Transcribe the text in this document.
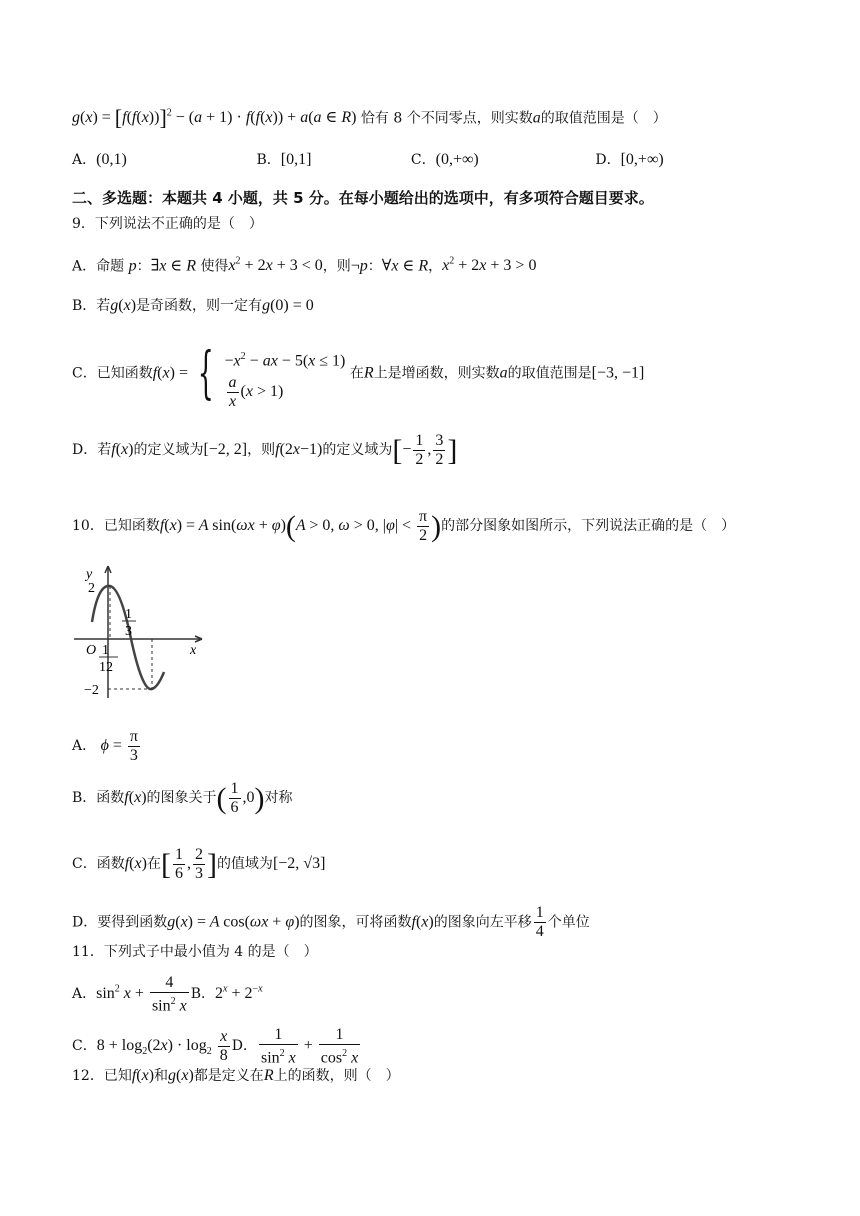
$g(x) = [f(f(x))]^2 - (a + 1) \cdot f(f(x)) + a(a$ ∈ R) 恰有 8 个不同零点，则实数a的取值范围是（　）
A．(0,1)	B．[0,1]	C．(0,+∞)	D．[0,+∞)
二、多选题：本题共 4 小题，共 5 分。在每小题给出的选项中，有多项符合题目要求。
9．下列说法不正确的是（　）
A．命题 p：∃x ∈ R 使得$x^2 + 2x + 3 < 0$，则¬p：∀x ∈ R，$x^2 + 2x + 3 > 0$
B．若g(x)是奇函数，则一定有g(0) = 0
C．已知函数f(x) = { $-x^2$ − ax − 5(x ≤ 1)
$\frac{a}{x} (x > 1)$
在R上是增函数，则实数a的取值范围是[−3, −1]
D．若f(x)的定义域为[−2, 2]，则f(2x−1)的定义域为[− $\frac{1}{2}$ , $\frac{3}{2}$ ]
10．已知函数f(x) = A sin(ωx + φ)(A > 0, ω > 0, $|\varphi| < \frac{\pi}{2}$ )的部分图象如图所示，下列说法正确的是（　）
y
x
O
2
−2
1
3
1
12
A． $\phi = \frac{\pi}{3}$
B．函数f(x)的图象关于( $\frac{1}{6} ,0$)对称
C．函数f(x)在[ $\frac{1}{6}$ , $\frac{2}{3}$ ]的值域为[−2, √3]
D．要得到函数g(x) = A cos(ωx + φ)的图象，可将函数f(x)的图象向左平移 $\frac{1}{4}$ 个单位
11．下列式子中最小值为 4 的是（　）
A．$\sin^2 x + \frac{4}{\sin^2 x}$ B．$2^x + 2^{-x}$
C．$8 + \log_2(2x) \cdot \log_2 \frac{x}{8}$ D． $\frac{1}{\sin^2 x} + \frac{1}{\cos^2 x}$
12．已知f(x)和g(x)都是定义在R上的函数，则（　）
